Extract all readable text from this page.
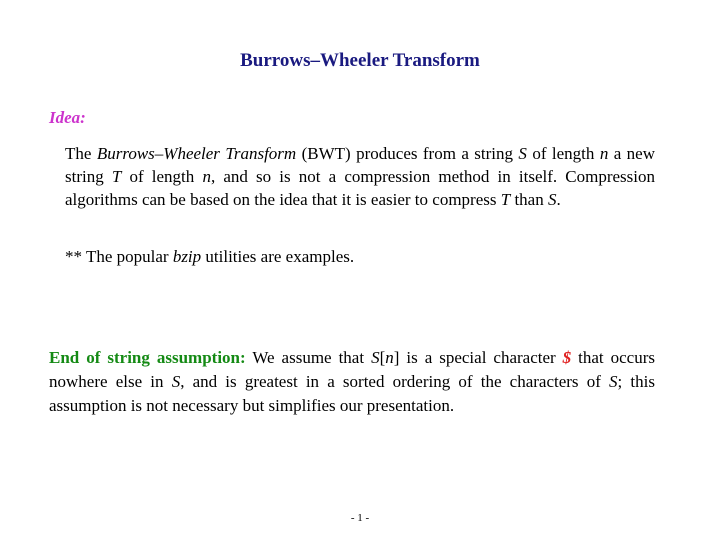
Burrows–Wheeler Transform
Idea:
The Burrows–Wheeler Transform (BWT) produces from a string S of length n a new string T of length n, and so is not a compression method in itself. Compression algorithms can be based on the idea that it is easier to compress T than S.
** The popular bzip utilities are examples.
End of string assumption: We assume that S[n] is a special character $ that occurs nowhere else in S, and is greatest in a sorted ordering of the characters of S; this assumption is not necessary but simplifies our presentation.
- 1 -
